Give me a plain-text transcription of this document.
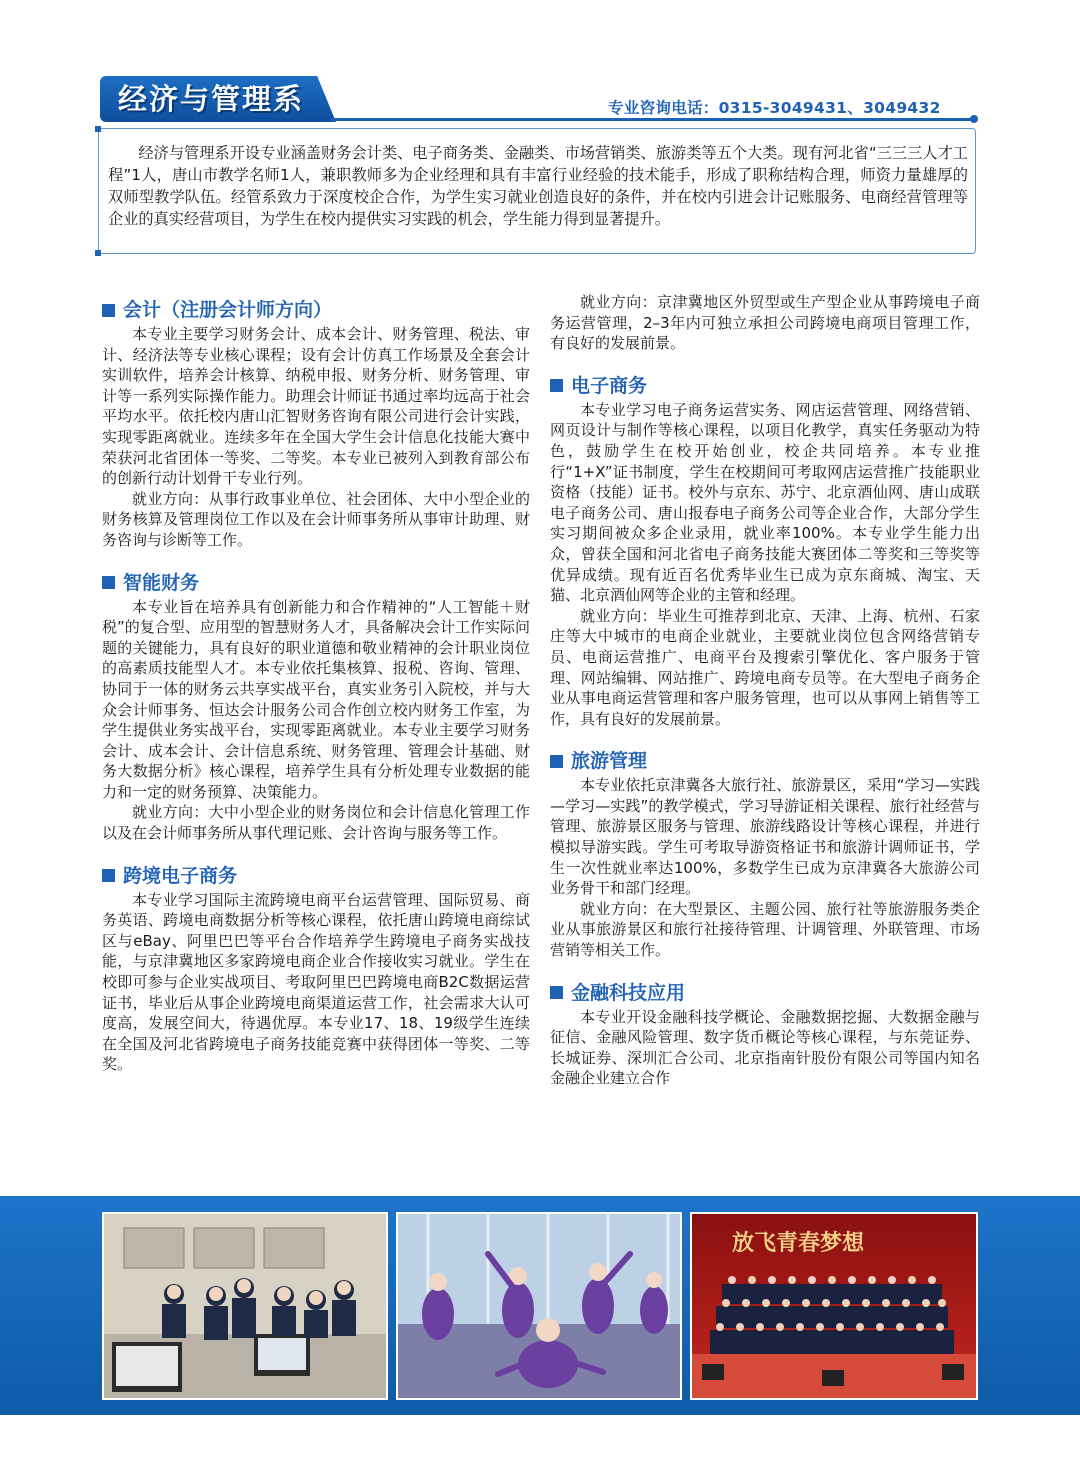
经济与管理系	专业咨询电话：0315-3049431、3049432

经济与管理系开设专业涵盖财务会计类、电子商务类、金融类、市场营销类、旅游类等五个大类。现有河北省“三三三人才工程”1人，唐山市教学名师1人，兼职教师多为企业经理和具有丰富行业经验的技术能手，形成了职称结构合理，师资力量雄厚的双师型教学队伍。经管系致力于深度校企合作，为学生实习就业创造良好的条件，并在校内引进会计记账服务、电商经营管理等企业的真实经营项目，为学生在校内提供实习实践的机会，学生能力得到显著提升。

会计（注册会计师方向）

本专业主要学习财务会计、成本会计、财务管理、税法、审计、经济法等专业核心课程；设有会计仿真工作场景及全套会计实训软件，培养会计核算、纳税申报、财务分析、财务管理、审计等一系列实际操作能力。助理会计师证书通过率均远高于社会平均水平。依托校内唐山汇智财务咨询有限公司进行会计实践，实现零距离就业。连续多年在全国大学生会计信息化技能大赛中荣获河北省团体一等奖、二等奖。本专业已被列入到教育部公布的创新行动计划骨干专业行列。

就业方向：从事行政事业单位、社会团体、大中小型企业的财务核算及管理岗位工作以及在会计师事务所从事审计助理、财务咨询与诊断等工作。

智能财务

本专业旨在培养具有创新能力和合作精神的“人工智能＋财税”的复合型、应用型的智慧财务人才，具备解决会计工作实际问题的关键能力，具有良好的职业道德和敬业精神的会计职业岗位的高素质技能型人才。本专业依托集核算、报税、咨询、管理、协同于一体的财务云共享实战平台，真实业务引入院校，并与大众会计师事务、恒达会计服务公司合作创立校内财务工作室，为学生提供业务实战平台，实现零距离就业。本专业主要学习财务会计、成本会计、会计信息系统、财务管理、管理会计基础、财务大数据分析》核心课程，培养学生具有分析处理专业数据的能力和一定的财务预算、决策能力。

就业方向：大中小型企业的财务岗位和会计信息化管理工作以及在会计师事务所从事代理记账、会计咨询与服务等工作。

跨境电子商务

本专业学习国际主流跨境电商平台运营管理、国际贸易、商务英语、跨境电商数据分析等核心课程，依托唐山跨境电商综试区与eBay、阿里巴巴等平台合作培养学生跨境电子商务实战技能，与京津冀地区多家跨境电商企业合作接收实习就业。学生在校即可参与企业实战项目、考取阿里巴巴跨境电商B2C数据运营证书，毕业后从事企业跨境电商渠道运营工作，社会需求大认可度高，发展空间大，待遇优厚。本专业17、18、19级学生连续在全国及河北省跨境电子商务技能竞赛中获得团体一等奖、二等奖。

就业方向：京津冀地区外贸型或生产型企业从事跨境电子商务运营管理，2–3年内可独立承担公司跨境电商项目管理工作，有良好的发展前景。

电子商务

本专业学习电子商务运营实务、网店运营管理、网络营销、网页设计与制作等核心课程，以项目化教学，真实任务驱动为特色，鼓励学生在校开始创业，校企共同培养。本专业推行“1+X”证书制度，学生在校期间可考取网店运营推广技能职业资格（技能）证书。校外与京东、苏宁、北京酒仙网、唐山成联电子商务公司、唐山报春电子商务公司等企业合作，大部分学生实习期间被众多企业录用，就业率100%。本专业学生能力出众，曾获全国和河北省电子商务技能大赛团体二等奖和三等奖等优异成绩。现有近百名优秀毕业生已成为京东商城、淘宝、天猫、北京酒仙网等企业的主管和经理。

就业方向：毕业生可推荐到北京、天津、上海、杭州、石家庄等大中城市的电商企业就业，主要就业岗位包含网络营销专员、电商运营推广、电商平台及搜索引擎优化、客户服务于管理、网站编辑、网站推广、跨境电商专员等。在大型电子商务企业从事电商运营管理和客户服务管理，也可以从事网上销售等工作，具有良好的发展前景。

旅游管理

本专业依托京津冀各大旅行社、旅游景区，采用“学习—实践—学习—实践”的教学模式，学习导游证相关课程、旅行社经营与管理、旅游景区服务与管理、旅游线路设计等核心课程，并进行模拟导游实践。学生可考取导游资格证书和旅游计调师证书，学生一次性就业率达100%，多数学生已成为京津冀各大旅游公司业务骨干和部门经理。

就业方向：在大型景区、主题公园、旅行社等旅游服务类企业从事旅游景区和旅行社接待管理、计调管理、外联管理、市场营销等相关工作。

金融科技应用

本专业开设金融科技学概论、金融数据挖掘、大数据金融与征信、金融风险管理、数字货币概论等核心课程，与东莞证券、长城证券、深圳汇合公司、北京指南针股份有限公司等国内知名金融企业建立合作

放飞青春梦想
